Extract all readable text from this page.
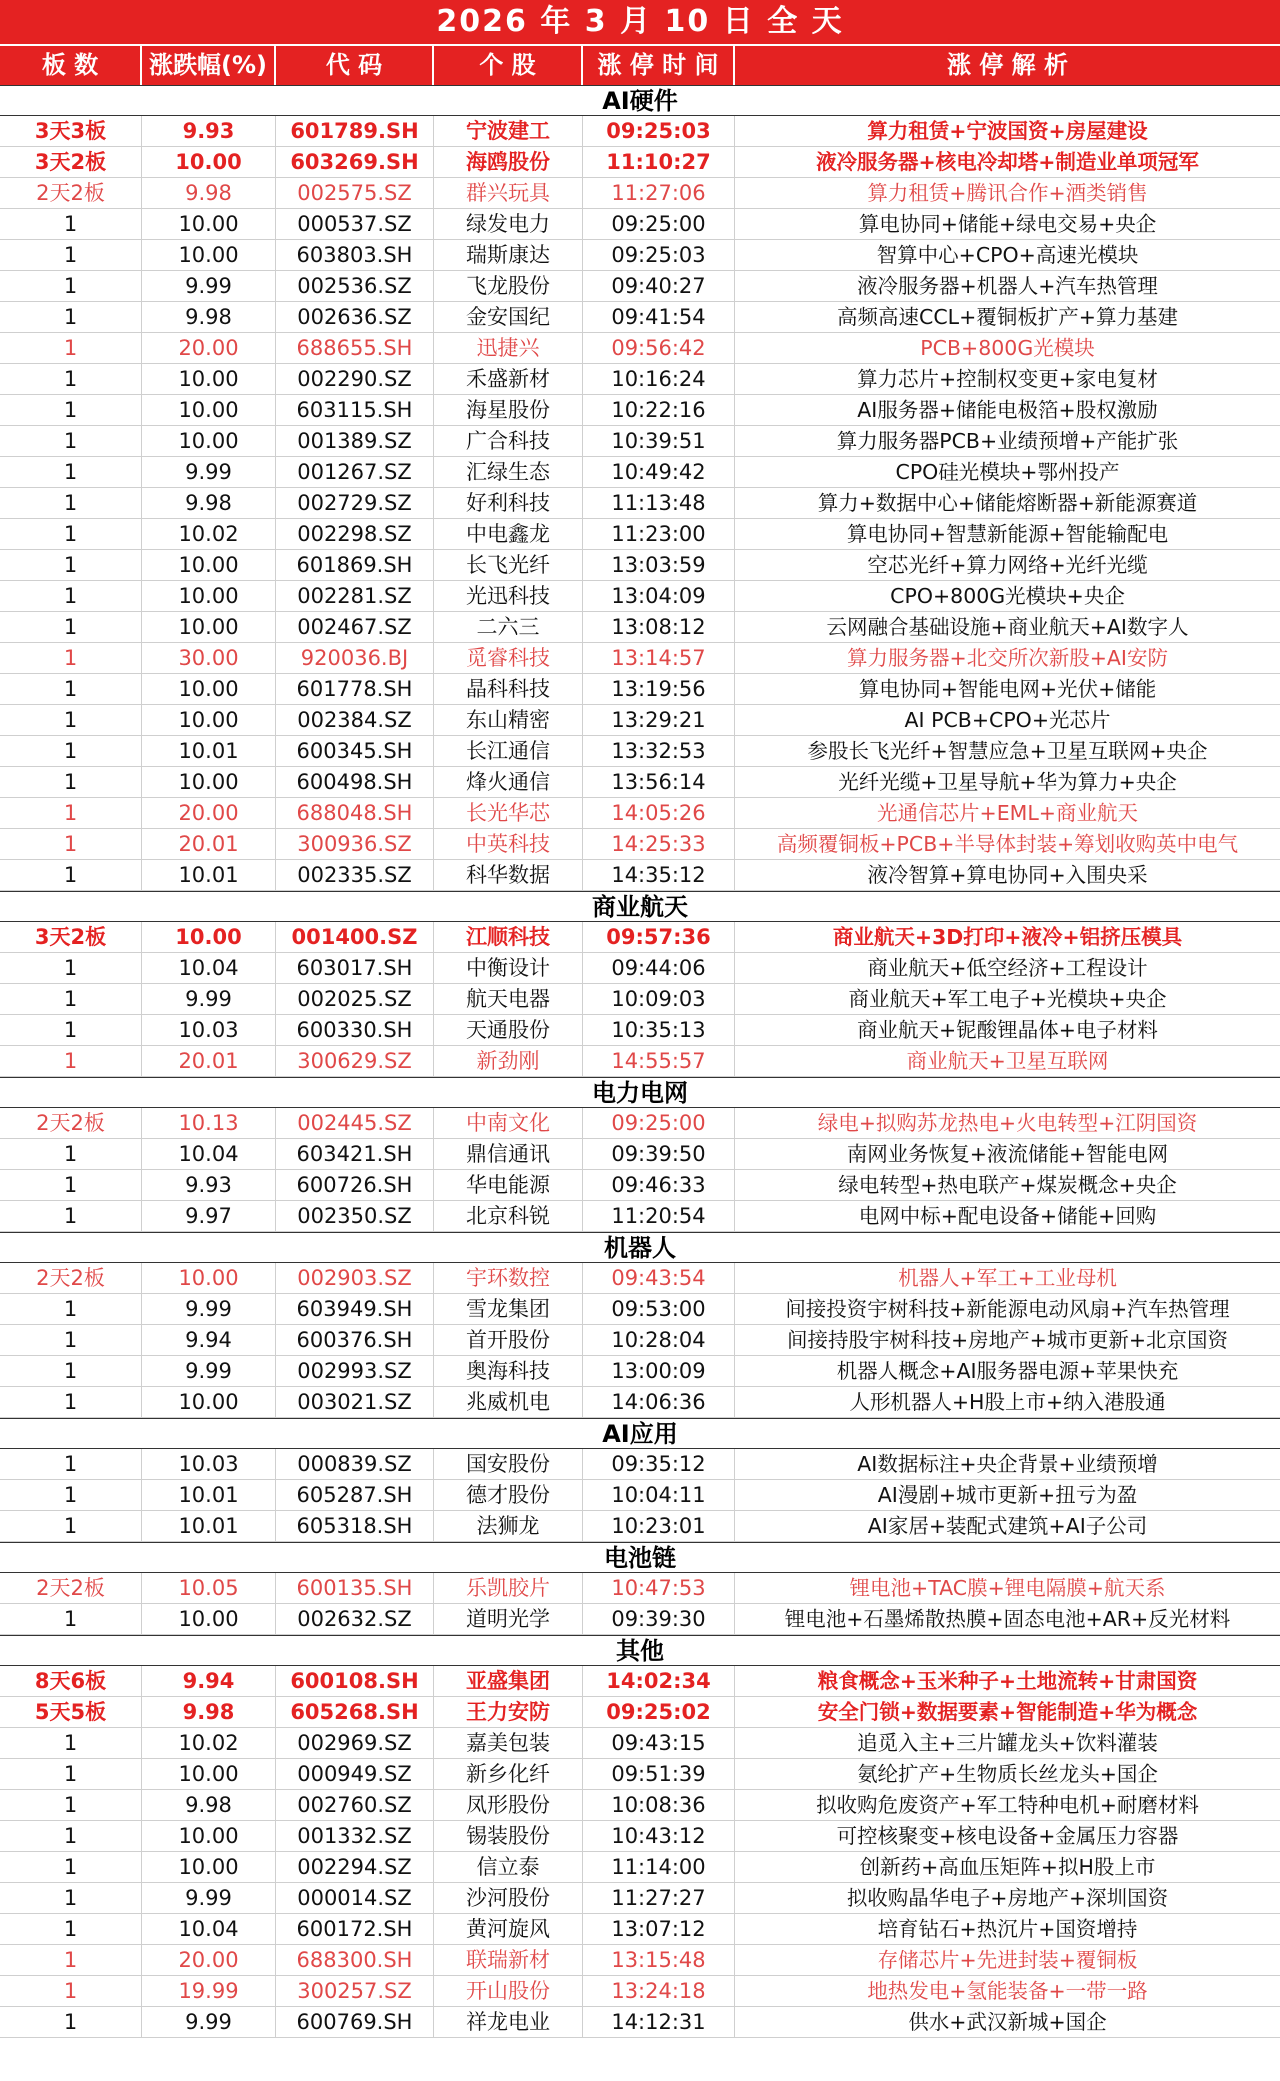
2026 年 3 月 10 日 全 天
板 数	涨跌幅(%)	代 码	个 股	涨 停 时 间	涨 停 解 析
AI硬件
3天3板	9.93	601789.SH	宁波建工	09:25:03	算力租赁+宁波国资+房屋建设
3天2板	10.00	603269.SH	海鸥股份	11:10:27	液冷服务器+核电冷却塔+制造业单项冠军
2天2板	9.98	002575.SZ	群兴玩具	11:27:06	算力租赁+腾讯合作+酒类销售
1	10.00	000537.SZ	绿发电力	09:25:00	算电协同+储能+绿电交易+央企
1	10.00	603803.SH	瑞斯康达	09:25:03	智算中心+CPO+高速光模块
1	9.99	002536.SZ	飞龙股份	09:40:27	液冷服务器+机器人+汽车热管理
1	9.98	002636.SZ	金安国纪	09:41:54	高频高速CCL+覆铜板扩产+算力基建
1	20.00	688655.SH	迅捷兴	09:56:42	PCB+800G光模块
1	10.00	002290.SZ	禾盛新材	10:16:24	算力芯片+控制权变更+家电复材
1	10.00	603115.SH	海星股份	10:22:16	AI服务器+储能电极箔+股权激励
1	10.00	001389.SZ	广合科技	10:39:51	算力服务器PCB+业绩预增+产能扩张
1	9.99	001267.SZ	汇绿生态	10:49:42	CPO硅光模块+鄂州投产
1	9.98	002729.SZ	好利科技	11:13:48	算力+数据中心+储能熔断器+新能源赛道
1	10.02	002298.SZ	中电鑫龙	11:23:00	算电协同+智慧新能源+智能输配电
1	10.00	601869.SH	长飞光纤	13:03:59	空芯光纤+算力网络+光纤光缆
1	10.00	002281.SZ	光迅科技	13:04:09	CPO+800G光模块+央企
1	10.00	002467.SZ	二六三	13:08:12	云网融合基础设施+商业航天+AI数字人
1	30.00	920036.BJ	觅睿科技	13:14:57	算力服务器+北交所次新股+AI安防
1	10.00	601778.SH	晶科科技	13:19:56	算电协同+智能电网+光伏+储能
1	10.00	002384.SZ	东山精密	13:29:21	AI PCB+CPO+光芯片
1	10.01	600345.SH	长江通信	13:32:53	参股长飞光纤+智慧应急+卫星互联网+央企
1	10.00	600498.SH	烽火通信	13:56:14	光纤光缆+卫星导航+华为算力+央企
1	20.00	688048.SH	长光华芯	14:05:26	光通信芯片+EML+商业航天
1	20.01	300936.SZ	中英科技	14:25:33	高频覆铜板+PCB+半导体封装+筹划收购英中电气
1	10.01	002335.SZ	科华数据	14:35:12	液冷智算+算电协同+入围央采
商业航天
3天2板	10.00	001400.SZ	江顺科技	09:57:36	商业航天+3D打印+液冷+铝挤压模具
1	10.04	603017.SH	中衡设计	09:44:06	商业航天+低空经济+工程设计
1	9.99	002025.SZ	航天电器	10:09:03	商业航天+军工电子+光模块+央企
1	10.03	600330.SH	天通股份	10:35:13	商业航天+铌酸锂晶体+电子材料
1	20.01	300629.SZ	新劲刚	14:55:57	商业航天+卫星互联网
电力电网
2天2板	10.13	002445.SZ	中南文化	09:25:00	绿电+拟购苏龙热电+火电转型+江阴国资
1	10.04	603421.SH	鼎信通讯	09:39:50	南网业务恢复+液流储能+智能电网
1	9.93	600726.SH	华电能源	09:46:33	绿电转型+热电联产+煤炭概念+央企
1	9.97	002350.SZ	北京科锐	11:20:54	电网中标+配电设备+储能+回购
机器人
2天2板	10.00	002903.SZ	宇环数控	09:43:54	机器人+军工+工业母机
1	9.99	603949.SH	雪龙集团	09:53:00	间接投资宇树科技+新能源电动风扇+汽车热管理
1	9.94	600376.SH	首开股份	10:28:04	间接持股宇树科技+房地产+城市更新+北京国资
1	9.99	002993.SZ	奥海科技	13:00:09	机器人概念+AI服务器电源+苹果快充
1	10.00	003021.SZ	兆威机电	14:06:36	人形机器人+H股上市+纳入港股通
AI应用
1	10.03	000839.SZ	国安股份	09:35:12	AI数据标注+央企背景+业绩预增
1	10.01	605287.SH	德才股份	10:04:11	AI漫剧+城市更新+扭亏为盈
1	10.01	605318.SH	法狮龙	10:23:01	AI家居+装配式建筑+AI子公司
电池链
2天2板	10.05	600135.SH	乐凯胶片	10:47:53	锂电池+TAC膜+锂电隔膜+航天系
1	10.00	002632.SZ	道明光学	09:39:30	锂电池+石墨烯散热膜+固态电池+AR+反光材料
其他
8天6板	9.94	600108.SH	亚盛集团	14:02:34	粮食概念+玉米种子+土地流转+甘肃国资
5天5板	9.98	605268.SH	王力安防	09:25:02	安全门锁+数据要素+智能制造+华为概念
1	10.02	002969.SZ	嘉美包装	09:43:15	追觅入主+三片罐龙头+饮料灌装
1	10.00	000949.SZ	新乡化纤	09:51:39	氨纶扩产+生物质长丝龙头+国企
1	9.98	002760.SZ	凤形股份	10:08:36	拟收购危废资产+军工特种电机+耐磨材料
1	10.00	001332.SZ	锡装股份	10:43:12	可控核聚变+核电设备+金属压力容器
1	10.00	002294.SZ	信立泰	11:14:00	创新药+高血压矩阵+拟H股上市
1	9.99	000014.SZ	沙河股份	11:27:27	拟收购晶华电子+房地产+深圳国资
1	10.04	600172.SH	黄河旋风	13:07:12	培育钻石+热沉片+国资增持
1	20.00	688300.SH	联瑞新材	13:15:48	存储芯片+先进封装+覆铜板
1	19.99	300257.SZ	开山股份	13:24:18	地热发电+氢能装备+一带一路
1	9.99	600769.SH	祥龙电业	14:12:31	供水+武汉新城+国企
